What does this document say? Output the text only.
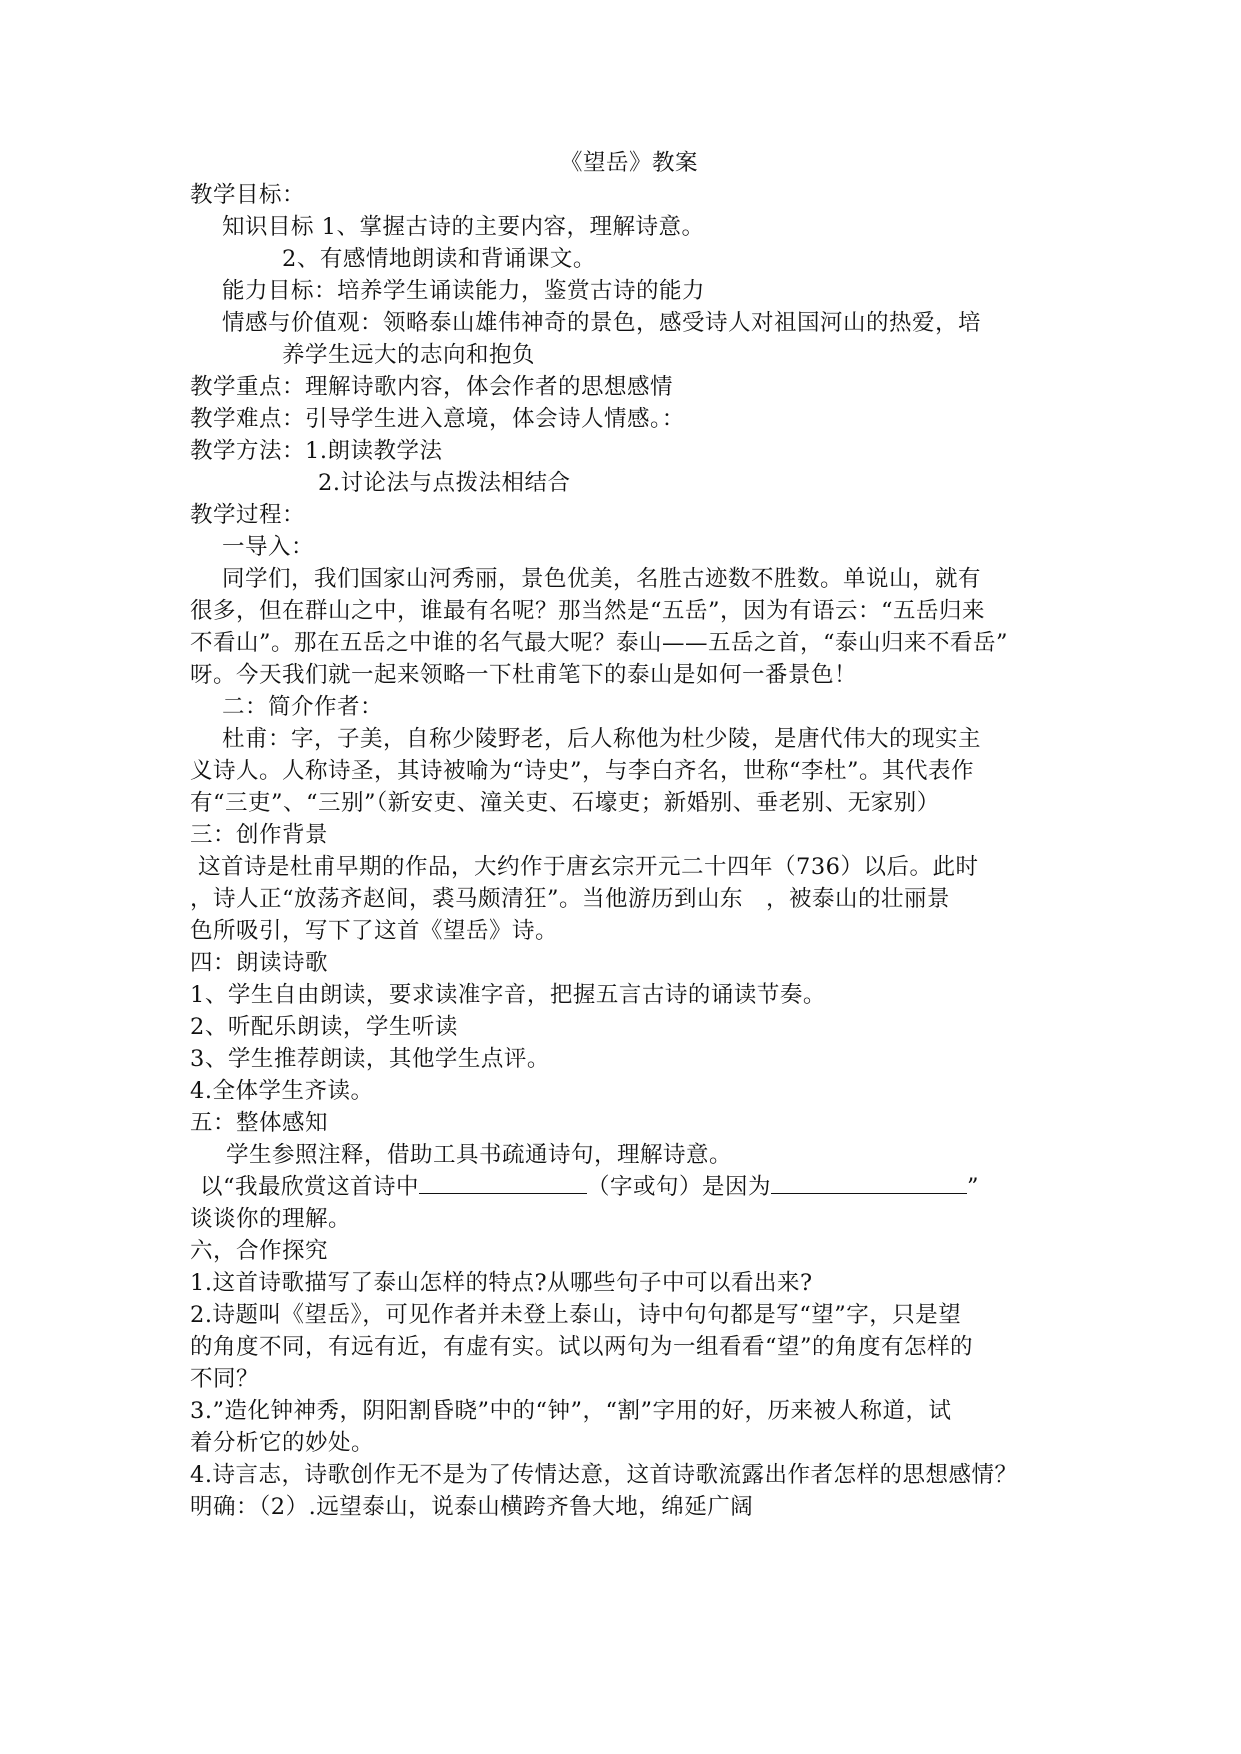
《望岳》教案
教学目标：
知识目标 1、掌握古诗的主要内容，理解诗意。
2、有感情地朗读和背诵课文。
能力目标：培养学生诵读能力，鉴赏古诗的能力
情感与价值观：领略泰山雄伟神奇的景色，感受诗人对祖国河山的热爱，培
养学生远大的志向和抱负
教学重点：理解诗歌内容，体会作者的思想感情
教学难点：引导学生进入意境，体会诗人情感。：
教学方法：1.朗读教学法
2.讨论法与点拨法相结合
教学过程：
一导入：
同学们，我们国家山河秀丽，景色优美，名胜古迹数不胜数。单说山，就有
很多，但在群山之中，谁最有名呢？那当然是“五岳”，因为有语云：“五岳归来
不看山”。那在五岳之中谁的名气最大呢？泰山——五岳之首，“泰山归来不看岳”
呀。今天我们就一起来领略一下杜甫笔下的泰山是如何一番景色！
二：简介作者：
杜甫：字，子美，自称少陵野老，后人称他为杜少陵，是唐代伟大的现实主
义诗人。人称诗圣，其诗被喻为“诗史”，与李白齐名，世称“李杜”。其代表作
有“三吏”、“三别”（新安吏、潼关吏、石壕吏；新婚别、垂老别、无家别）
三：创作背景
这首诗是杜甫早期的作品，大约作于唐玄宗开元二十四年（736）以后。此时
，诗人正“放荡齐赵间，裘马颇清狂”。当他游历到山东　，被泰山的壮丽景
色所吸引，写下了这首《望岳》诗。
四：朗读诗歌
1、学生自由朗读，要求读准字音，把握五言古诗的诵读节奏。
2、听配乐朗读，学生听读
3、学生推荐朗读，其他学生点评。
4.全体学生齐读。
五：整体感知
学生参照注释，借助工具书疏通诗句，理解诗意。
以“我最欣赏这首诗中	（字或句）是因为	”
谈谈你的理解。
六，合作探究
1.这首诗歌描写了泰山怎样的特点?从哪些句子中可以看出来?
2.诗题叫《望岳》，可见作者并未登上泰山，诗中句句都是写“望”字，只是望
的角度不同，有远有近，有虚有实。试以两句为一组看看“望”的角度有怎样的
不同？
3.”造化钟神秀，阴阳割昏晓”中的“钟”，“割”字用的好，历来被人称道，试
着分析它的妙处。
4.诗言志，诗歌创作无不是为了传情达意，这首诗歌流露出作者怎样的思想感情？
明确：（2）.远望泰山，说泰山横跨齐鲁大地，绵延广阔
